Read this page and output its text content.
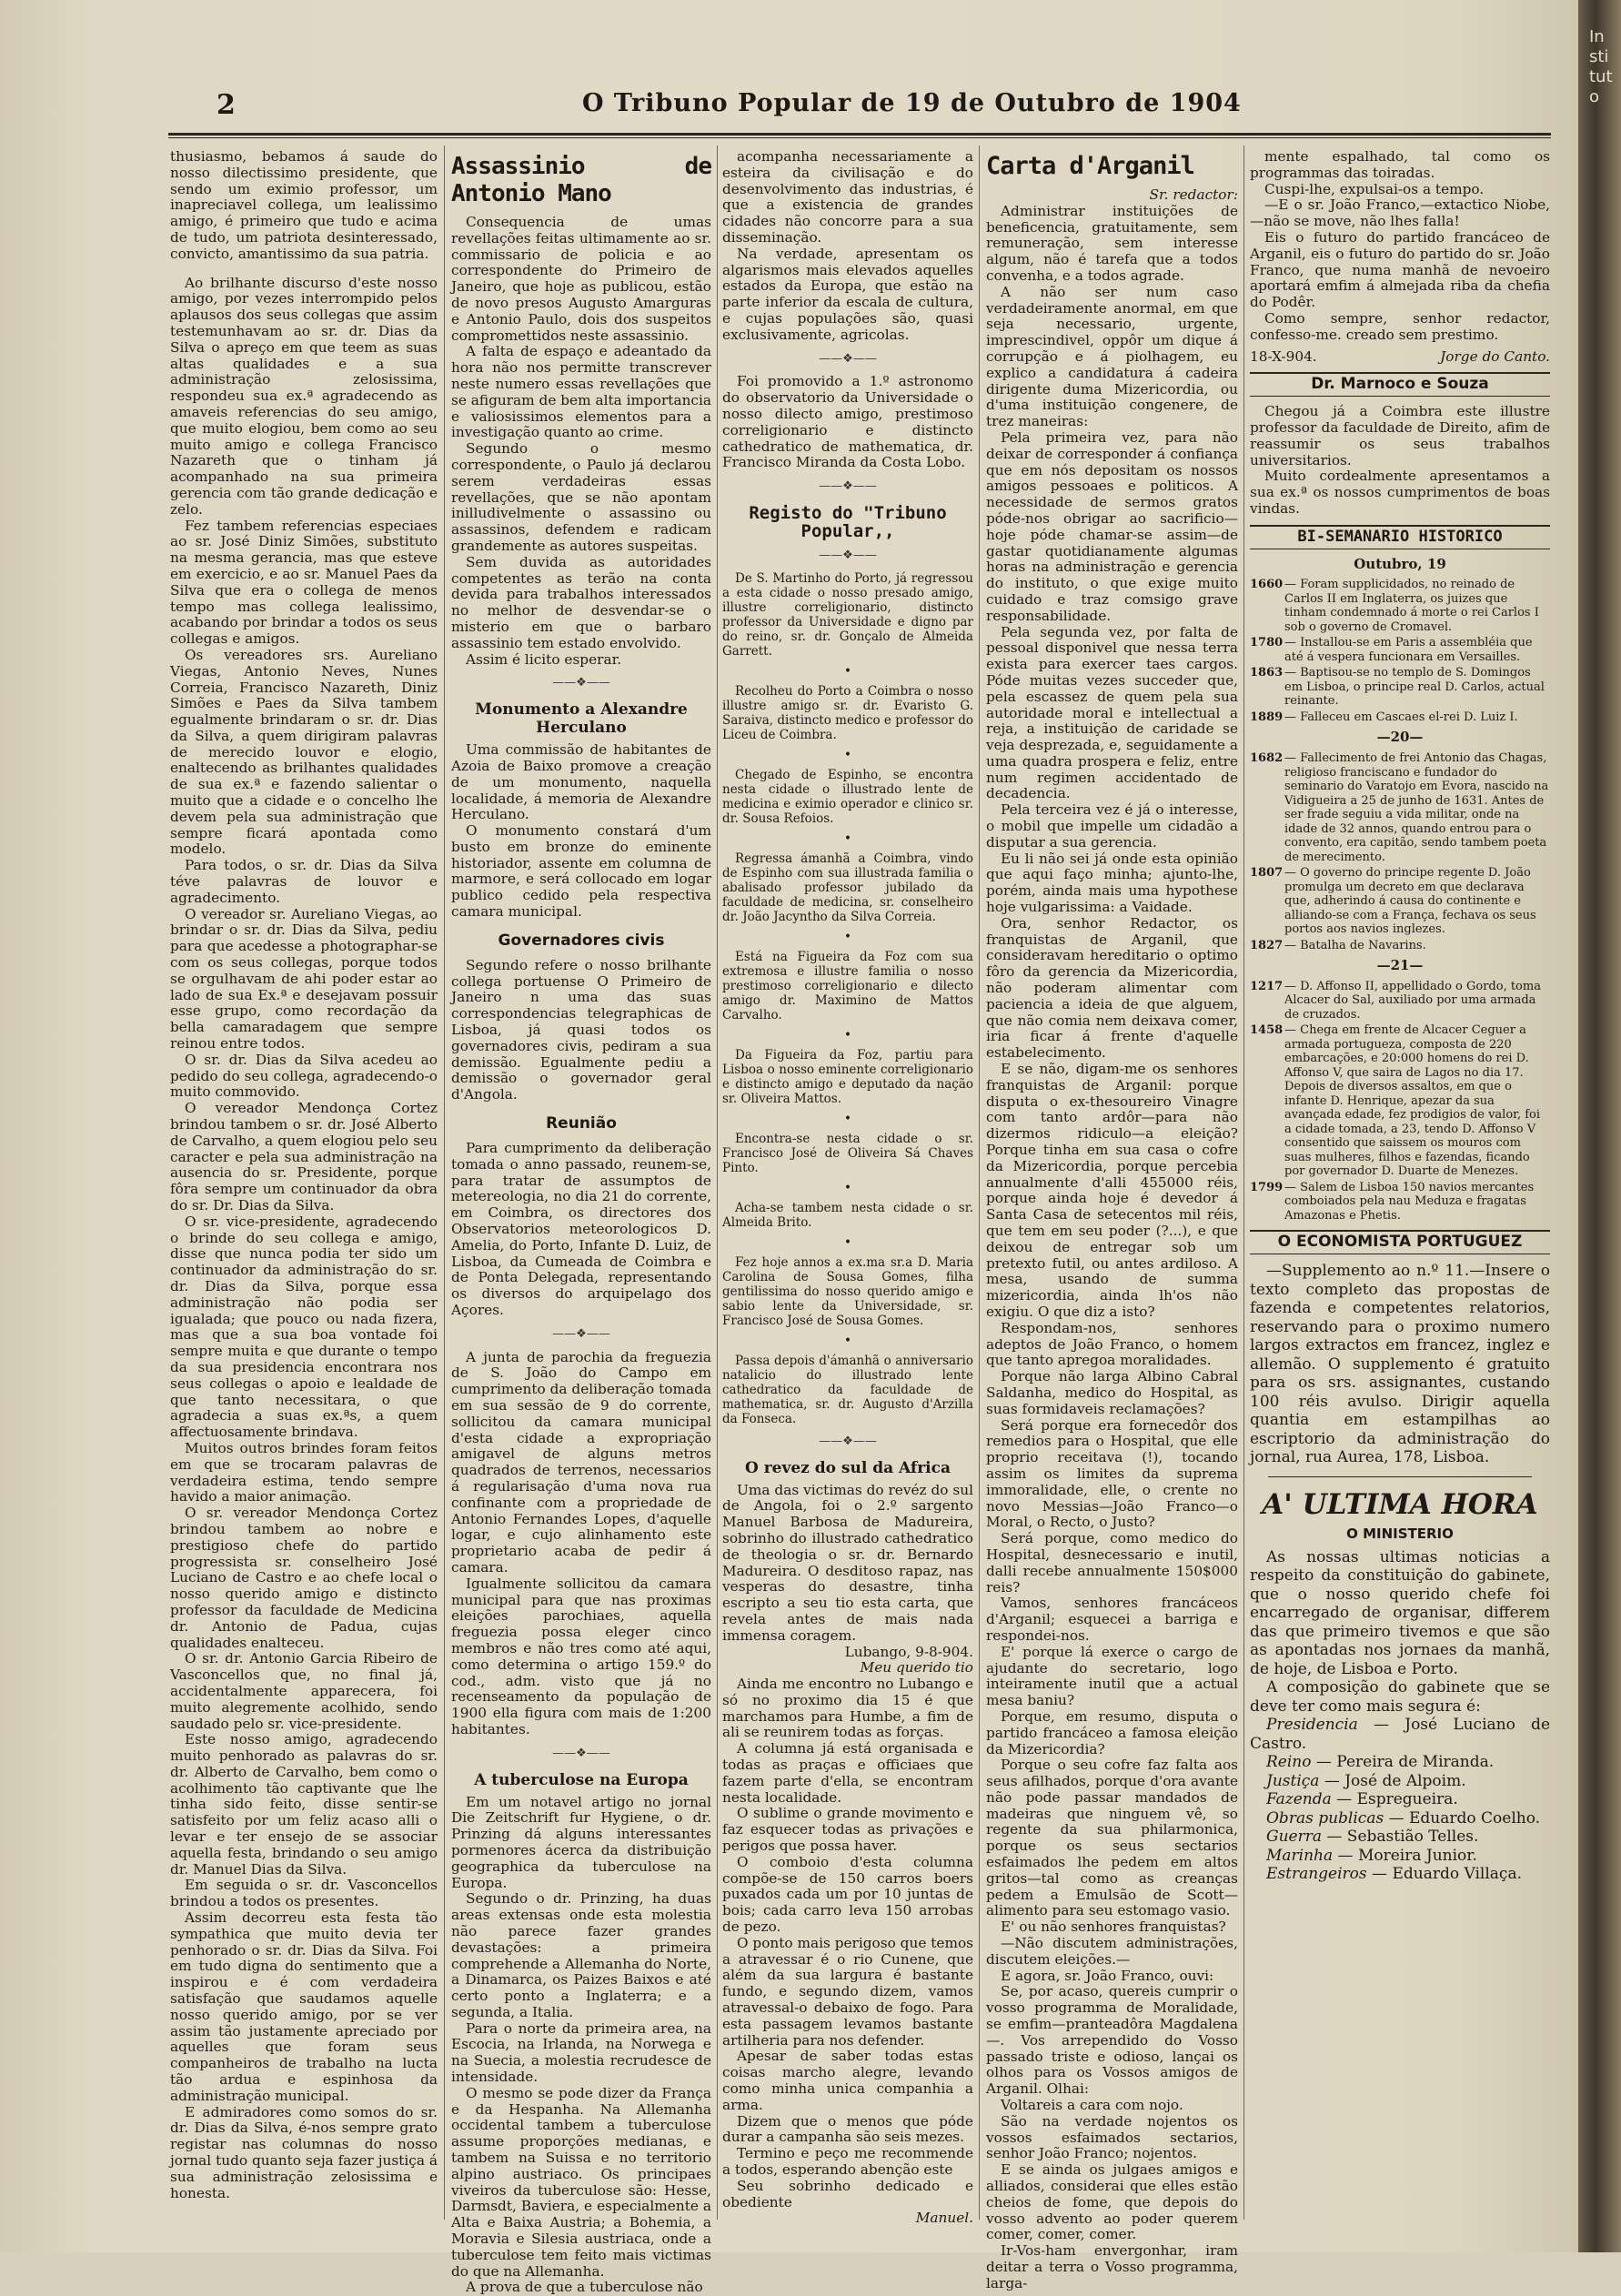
2	O Tribuno Popular de 19 de Outubro de 1904

thusiasmo, bebamos á saude do nosso dilectissimo presidente, que sendo um eximio professor, um inapreciavel collega, um lealissimo amigo, é primeiro que tudo e acima de tudo, um patriota desinteressado, convicto, amantissimo da sua patria.

Ao brilhante discurso d'este nosso amigo, por vezes interrompido pelos aplausos dos seus collegas que assim testemunhavam ao sr. dr. Dias da Silva o apreço em que teem as suas altas qualidades e a sua administração zelosissima, respondeu sua ex.ª agradecendo as amaveis referencias do seu amigo, que muito elogiou, bem como ao seu muito amigo e collega Francisco Nazareth que o tinham já acompanhado na sua primeira gerencia com tão grande dedicação e zelo.

Fez tambem referencias especiaes ao sr. José Diniz Simões, substituto na mesma gerancia, mas que esteve em exercicio, e ao sr. Manuel Paes da Silva que era o collega de menos tempo mas collega lealissimo, acabando por brindar a todos os seus collegas e amigos.

Os vereadores srs. Aureliano Viegas, Antonio Neves, Nunes Correia, Francisco Nazareth, Diniz Simões e Paes da Silva tambem egualmente brindaram o sr. dr. Dias da Silva, a quem dirigiram palavras de merecido louvor e elogio, enaltecendo as brilhantes qualidades de sua ex.ª e fazendo salientar o muito que a cidade e o concelho lhe devem pela sua administração que sempre ficará apontada como modelo.

Para todos, o sr. dr. Dias da Silva téve palavras de louvor e agradecimento.

O vereador sr. Aureliano Viegas, ao brindar o sr. dr. Dias da Silva, pediu para que acedesse a photographar-se com os seus collegas, porque todos se orgulhavam de ahi poder estar ao lado de sua Ex.ª e desejavam possuir esse grupo, como recordação da bella camaradagem que sempre reinou entre todos.

O sr. dr. Dias da Silva acedeu ao pedido do seu collega, agradecendo-o muito commovido.

O vereador Mendonça Cortez brindou tambem o sr. dr. José Alberto de Carvalho, a quem elogiou pelo seu caracter e pela sua administração na ausencia do sr. Presidente, porque fôra sempre um continuador da obra do sr. Dr. Dias da Silva.

O sr. vice-presidente, agradecendo o brinde do seu collega e amigo, disse que nunca podia ter sido um continuador da administração do sr. dr. Dias da Silva, porque essa administração não podia ser igualada; que pouco ou nada fizera, mas que a sua boa vontade foi sempre muita e que durante o tempo da sua presidencia encontrara nos seus collegas o apoio e lealdade de que tanto necessitara, o que agradecia a suas ex.ªs, a quem affectuosamente brindava.

Muitos outros brindes foram feitos em que se trocaram palavras de verdadeira estima, tendo sempre havido a maior animação.

O sr. vereador Mendonça Cortez brindou tambem ao nobre e prestigioso chefe do partido progressista sr. conselheiro José Luciano de Castro e ao chefe local o nosso querido amigo e distincto professor da faculdade de Medicina dr. Antonio de Padua, cujas qualidades enalteceu.

O sr. dr. Antonio Garcia Ribeiro de Vasconcellos que, no final já, accidentalmente apparecera, foi muito alegremente acolhido, sendo saudado pelo sr. vice-presidente.

Este nosso amigo, agradecendo muito penhorado as palavras do sr. dr. Alberto de Carvalho, bem como o acolhimento tão captivante que lhe tinha sido feito, disse sentir-se satisfeito por um feliz acaso alli o levar e ter ensejo de se associar aquella festa, brindando o seu amigo dr. Manuel Dias da Silva.

Em seguida o sr. dr. Vasconcellos brindou a todos os presentes.

Assim decorreu esta festa tão sympathica que muito devia ter penhorado o sr. dr. Dias da Silva. Foi em tudo digna do sentimento que a inspirou e é com verdadeira satisfação que saudamos aquelle nosso querido amigo, por se ver assim tão justamente apreciado por aquelles que foram seus companheiros de trabalho na lucta tão ardua e espinhosa da administração municipal.

E admiradores como somos do sr. dr. Dias da Silva, é-nos sempre grato registar nas columnas do nosso jornal tudo quanto seja fazer justiça á sua administração zelosissima e honesta.

Assassinio de Antonio Mano

Consequencia de umas revellações feitas ultimamente ao sr. commissario de policia e ao correspondente do Primeiro de Janeiro, que hoje as publicou, estão de novo presos Augusto Amarguras e Antonio Paulo, dois dos suspeitos compromettidos neste assassinio.

A falta de espaço e adeantado da hora não nos permitte transcrever neste numero essas revellações que se afiguram de bem alta importancia e valiosissimos elementos para a investigação quanto ao crime.

Segundo o mesmo correspondente, o Paulo já declarou serem verdadeiras essas revellações, que se não apontam inilludivelmente o assassino ou assassinos, defendem e radicam grandemente as autores suspeitas.

Sem duvida as autoridades competentes as terão na conta devida para trabalhos interessados no melhor de desvendar-se o misterio em que o barbaro assassinio tem estado envolvido.

Assim é licito esperar.

——❖——
Monumento a Alexandre Herculano

Uma commissão de habitantes de Azoia de Baixo promove a creação de um monumento, naquella localidade, á memoria de Alexandre Herculano.

O monumento constará d'um busto em bronze do eminente historiador, assente em columna de marmore, e será collocado em logar publico cedido pela respectiva camara municipal.

Governadores civis

Segundo refere o nosso brilhante collega portuense O Primeiro de Janeiro n uma das suas correspondencias telegraphicas de Lisboa, já quasi todos os governadores civis, pediram a sua demissão. Egualmente pediu a demissão o governador geral d'Angola.

Reunião

Para cumprimento da deliberação tomada o anno passado, reunem-se, para tratar de assumptos de metereologia, no dia 21 do corrente, em Coimbra, os directores dos Observatorios meteorologicos D. Amelia, do Porto, Infante D. Luiz, de Lisboa, da Cumeada de Coimbra e de Ponta Delegada, representando os diversos do arquipelago dos Açores.

——❖——

A junta de parochia da freguezia de S. João do Campo em cumprimento da deliberação tomada em sua sessão de 9 do corrente, sollicitou da camara municipal d'esta cidade a expropriação amigavel de alguns metros quadrados de terrenos, necessarios á regularisação d'uma nova rua confinante com a propriedade de Antonio Fernandes Lopes, d'aquelle logar, e cujo alinhamento este proprietario acaba de pedir á camara.

Igualmente sollicitou da camara municipal para que nas proximas eleições parochiaes, aquella freguezia possa eleger cinco membros e não tres como até aqui, como determina o artigo 159.º do cod., adm. visto que já no recenseamento da população de 1900 ella figura com mais de 1:200 habitantes.

——❖——
A tuberculose na Europa

Em um notavel artigo no jornal Die Zeitschrift fur Hygiene, o dr. Prinzing dá alguns interessantes pormenores ácerca da distribuição geographica da tuberculose na Europa.

Segundo o dr. Prinzing, ha duas areas extensas onde esta molestia não parece fazer grandes devastações: a primeira comprehende a Allemanha do Norte, a Dinamarca, os Paizes Baixos e até certo ponto a Inglaterra; e a segunda, a Italia.

Para o norte da primeira area, na Escocia, na Irlanda, na Norwega e na Suecia, a molestia recrudesce de intensidade.

O mesmo se pode dizer da França e da Hespanha. Na Allemanha occidental tambem a tuberculose assume proporções medianas, e tambem na Suissa e no territorio alpino austriaco. Os principaes viveiros da tuberculose são: Hesse, Darmsdt, Baviera, e especialmente a Alta e Baixa Austria; a Bohemia, a Moravia e Silesia austriaca, onde a tuberculose tem feito mais victimas do que na Allemanha.

A prova de que a tuberculose não

acompanha necessariamente a esteira da civilisação e do desenvolvimento das industrias, é que a existencia de grandes cidades não concorre para a sua disseminação.

Na verdade, apresentam os algarismos mais elevados aquelles estados da Europa, que estão na parte inferior da escala de cultura, e cujas populações são, quasi exclusivamente, agricolas.

——❖——

Foi promovido a 1.º astronomo do observatorio da Universidade o nosso dilecto amigo, prestimoso correligionario e distincto cathedratico de mathematica, dr. Francisco Miranda da Costa Lobo.

——❖——
Registo do "Tribuno Popular,,
——❖——

De S. Martinho do Porto, já regressou a esta cidade o nosso presado amigo, illustre correligionario, distincto professor da Universidade e digno par do reino, sr. dr. Gonçalo de Almeida Garrett.

•

Recolheu do Porto a Coimbra o nosso illustre amigo sr. dr. Evaristo G. Saraiva, distincto medico e professor do Liceu de Coimbra.

•

Chegado de Espinho, se encontra nesta cidade o illustrado lente de medicina e eximio operador e clinico sr. dr. Sousa Refoios.

•

Regressa ámanhã a Coimbra, vindo de Espinho com sua illustrada familia o abalisado professor jubilado da faculdade de medicina, sr. conselheiro dr. João Jacyntho da Silva Correia.

•

Está na Figueira da Foz com sua extremosa e illustre familia o nosso prestimoso correligionario e dilecto amigo dr. Maximino de Mattos Carvalho.

•

Da Figueira da Foz, partiu para Lisboa o nosso eminente correligionario e distincto amigo e deputado da nação sr. Oliveira Mattos.

•

Encontra-se nesta cidade o sr. Francisco José de Oliveira Sá Chaves Pinto.

•

Acha-se tambem nesta cidade o sr. Almeida Brito.

•

Fez hoje annos a ex.ma sr.a D. Maria Carolina de Sousa Gomes, filha gentilissima do nosso querido amigo e sabio lente da Universidade, sr. Francisco José de Sousa Gomes.

•

Passa depois d'ámanhã o anniversario natalicio do illustrado lente cathedratico da faculdade de mathematica, sr. dr. Augusto d'Arzilla da Fonseca.

——❖——
O revez do sul da Africa

Uma das victimas do revéz do sul de Angola, foi o 2.º sargento Manuel Barbosa de Madureira, sobrinho do illustrado cathedratico de theologia o sr. dr. Bernardo Madureira. O desditoso rapaz, nas vesperas do desastre, tinha escripto a seu tio esta carta, que revela antes de mais nada immensa coragem.

Lubango, 9-8-904.

Meu querido tio

Ainda me encontro no Lubango e só no proximo dia 15 é que marchamos para Humbe, a fim de ali se reunirem todas as forças.

A columna já está organisada e todas as praças e officiaes que fazem parte d'ella, se encontram nesta localidade.

O sublime o grande movimento e faz esquecer todas as privações e perigos que possa haver.

O comboio d'esta columna compõe-se de 150 carros boers puxados cada um por 10 juntas de bois; cada carro leva 150 arrobas de pezo.

O ponto mais perigoso que temos a atravessar é o rio Cunene, que além da sua largura é bastante fundo, e segundo dizem, vamos atravessal-o debaixo de fogo. Para esta passagem levamos bastante artilheria para nos defender.

Apesar de saber todas estas coisas marcho alegre, levando como minha unica companhia a arma.

Dizem que o menos que póde durar a campanha são seis mezes.

Termino e peço me recommende a todos, esperando abenção este

Seu sobrinho dedicado e obediente

Manuel.

Carta d'Arganil

Sr. redactor:

Administrar instituições de beneficencia, gratuitamente, sem remuneração, sem interesse algum, não é tarefa que a todos convenha, e a todos agrade.

A não ser num caso verdadeiramente anormal, em que seja necessario, urgente, imprescindivel, oppôr um dique á corrupção e á piolhagem, eu explico a candidatura á cadeira dirigente duma Mizericordia, ou d'uma instituição congenere, de trez maneiras:

Pela primeira vez, para não deixar de corresponder á confiança que em nós depositam os nossos amigos pessoaes e politicos. A necessidade de sermos gratos póde-nos obrigar ao sacrificio—hoje póde chamar-se assim—de gastar quotidianamente algumas horas na administração e gerencia do instituto, o que exige muito cuidado e traz comsigo grave responsabilidade.

Pela segunda vez, por falta de pessoal disponivel que nessa terra exista para exercer taes cargos. Póde muitas vezes succeder que, pela escassez de quem pela sua autoridade moral e intellectual a reja, a instituição de caridade se veja desprezada, e, seguidamente a uma quadra prospera e feliz, entre num regimen accidentado de decadencia.

Pela terceira vez é já o interesse, o mobil que impelle um cidadão a disputar a sua gerencia.

Eu li não sei já onde esta opinião que aqui faço minha; ajunto-lhe, porém, ainda mais uma hypothese hoje vulgarissima: a Vaidade.

Ora, senhor Redactor, os franquistas de Arganil, que consideravam hereditario o optimo fôro da gerencia da Mizericordia, não poderam alimentar com paciencia a ideia de que alguem, que não comia nem deixava comer, iria ficar á frente d'aquelle estabelecimento.

E se não, digam-me os senhores franquistas de Arganil: porque disputa o ex-thesoureiro Vinagre com tanto ardôr—para não dizermos ridiculo—a eleição? Porque tinha em sua casa o cofre da Mizericordia, porque percebia annualmente d'alli 455000 réis, porque ainda hoje é devedor á Santa Casa de setecentos mil réis, que tem em seu poder (?...), e que deixou de entregar sob um pretexto futil, ou antes ardiloso. A mesa, usando de summa mizericordia, ainda lh'os não exigiu. O que diz a isto?

Respondam-nos, senhores adeptos de João Franco, o homem que tanto apregoa moralidades.

Porque não larga Albino Cabral Saldanha, medico do Hospital, as suas formidaveis reclamações?

Será porque era fornecedôr dos remedios para o Hospital, que elle proprio receitava (!), tocando assim os limites da suprema immoralidade, elle, o crente no novo Messias—João Franco—o Moral, o Recto, o Justo?

Será porque, como medico do Hospital, desnecessario e inutil, dalli recebe annualmente 150$000 reis?

Vamos, senhores francáceos d'Arganil; esquecei a barriga e respondei-nos.

E' porque lá exerce o cargo de ajudante do secretario, logo inteiramente inutil que a actual mesa baniu?

Porque, em resumo, disputa o partido francáceo a famosa eleição da Mizericordia?

Porque o seu cofre faz falta aos seus afilhados, porque d'ora avante não pode passar mandados de madeiras que ninguem vê, so regente da sua philarmonica, porque os seus sectarios esfaimados lhe pedem em altos gritos—tal como as creanças pedem a Emulsão de Scott—alimento para seu estomago vasio.

E' ou não senhores franquistas?

—Não discutem administrações, discutem eleições.—

E agora, sr. João Franco, ouvi:

Se, por acaso, quereis cumprir o vosso programma de Moralidade, se emfim—pranteadôra Magdalena—. Vos arrependido do Vosso passado triste e odioso, lançai os olhos para os Vossos amigos de Arganil. Olhai:

Voltareis a cara com nojo.

São na verdade nojentos os vossos esfaimados sectarios, senhor João Franco; nojentos.

E se ainda os julgaes amigos e alliados, considerai que elles estão cheios de fome, que depois do vosso advento ao poder querem comer, comer, comer.

Ir-Vos-ham envergonhar, iram deitar a terra o Vosso programma, larga-

mente espalhado, tal como os programmas das toiradas.

Cuspi-lhe, expulsai-os a tempo.

—E o sr. João Franco,—extactico Niobe,—não se move, não lhes falla!

Eis o futuro do partido francáceo de Arganil, eis o futuro do partido do sr. João Franco, que numa manhã de nevoeiro aportará emfim á almejada riba da chefia do Podêr.

Como sempre, senhor redactor, confesso-me. creado sem prestimo.

18-X-904.	Jorge do Canto.
Dr. Marnoco e Souza

Chegou já a Coimbra este illustre professor da faculdade de Direito, afim de reassumir os seus trabalhos universitarios.

Muito cordealmente apresentamos a sua ex.ª os nossos cumprimentos de boas vindas.

BI-SEMANARIO HISTORICO
Outubro, 19
1660 — Foram supplicidados, no reinado de Carlos II em Inglaterra, os juizes que tinham condemnado á morte o rei Carlos I sob o governo de Cromavel.
1780 — Installou-se em Paris a assembléia que até á vespera funcionara em Versailles.
1863 — Baptisou-se no templo de S. Domingos em Lisboa, o principe real D. Carlos, actual reinante.
1889 — Falleceu em Cascaes el-rei D. Luiz I.
—20—
1682 — Fallecimento de frei Antonio das Chagas, religioso franciscano e fundador do seminario do Varatojo em Evora, nascido na Vidigueira a 25 de junho de 1631. Antes de ser frade seguiu a vida militar, onde na idade de 32 annos, quando entrou para o convento, era capitão, sendo tambem poeta de merecimento.
1807 — O governo do principe regente D. João promulga um decreto em que declarava que, adherindo á causa do continente e alliando-se com a França, fechava os seus portos aos navios inglezes.
1827 — Batalha de Navarins.
—21—
1217 — D. Affonso II, appellidado o Gordo, toma Alcacer do Sal, auxiliado por uma armada de cruzados.
1458 — Chega em frente de Alcacer Ceguer a armada portugueza, composta de 220 embarcações, e 20:000 homens do rei D. Affonso V, que saira de Lagos no dia 17. Depois de diversos assaltos, em que o infante D. Henrique, apezar da sua avançada edade, fez prodigios de valor, foi a cidade tomada, a 23, tendo D. Affonso V consentido que saissem os mouros com suas mulheres, filhos e fazendas, ficando por governador D. Duarte de Menezes.
1799 — Salem de Lisboa 150 navios mercantes comboiados pela nau Meduza e fragatas Amazonas e Phetis.
O ECONOMISTA PORTUGUEZ

—Supplemento ao n.º 11.—Insere o texto completo das propostas de fazenda e competentes relatorios, reservando para o proximo numero largos extractos em francez, inglez e allemão. O supplemento é gratuito para os srs. assignantes, custando 100 réis avulso. Dirigir aquella quantia em estampilhas ao escriptorio da administração do jornal, rua Aurea, 178, Lisboa.

A' ULTIMA HORA
O MINISTERIO

As nossas ultimas noticias a respeito da constituição do gabinete, que o nosso querido chefe foi encarregado de organisar, differem das que primeiro tivemos e que são as apontadas nos jornaes da manhã, de hoje, de Lisboa e Porto.

A composição do gabinete que se deve ter como mais segura é:

Presidencia — José Luciano de Castro.

Reino — Pereira de Miranda.

Justiça — José de Alpoim.

Fazenda — Espregueira.

Obras publicas — Eduardo Coelho.

Guerra — Sebastião Telles.

Marinha — Moreira Junior.

Estrangeiros — Eduardo Villaça.

Instituto
